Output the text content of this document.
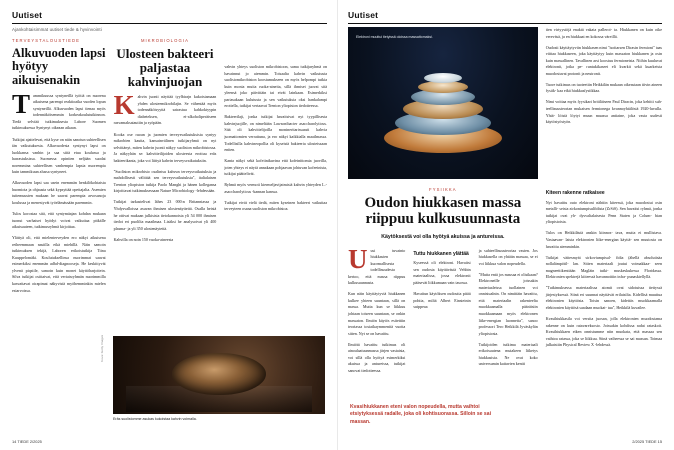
Uutiset
Ajankohtaisimmat uutiset tiede & hyvinvointi
TERVEYSTALOUSTIEDE
Alkuvuoden lapsi hyötyy aikuisenakin

Tammikuussa syntyneillä työtiä on nuorena aikuisena parempi reaktioaika vuoden lopun syntyneillä. Alkuvuoden lapsi tienaa myös todennäköisemmin korkeakoulututkinnon. Tiedä selviää tutkimuksesta Labore Suomen tutkimuksessa Syntynyt oikeaan aikaan.

Tutkijat ajattelevat, että kyse on näin sanotun suhteellisen iän vaikutuksesta. Alkuvuodesta syntynyt lapsi on luokkansa vanhin ja saa siitä etua koulussa ja harrastuksissa. Suomessa opintien neljään suodat noremmina suhteellisen vanhempia lapsia nuorempia kuin tammikuun alussa syntyneet.

Alkuvuoden lapsi saa usein enemmän henkilökohtaista huomiota ja ohjausta sekä kypsyttää opettajalta. Asemien tuttemuusten mukaan he saavat parempia arvosanoja koulussa ja menestyvät työelämässään paremmin.

Tulos korostaa sitä, että syntymäajan kohdan mukaan tuonut varhaiset hyödyt voivat vaikuttaa pitkälle aikuisuuteen, tutkimusryhmä kirjoittaa.

Ylättyä oli, että mielenterveyden ero näkyi aikuisena reiheemmaan nasiilla eikä miehillä. Näin samoin tutkimuksen tekijä, Laboren erikoistutkija Tiina Kuuppelomäki. Koulutuksellinsa nuorimmat saavat esimerkiksi enemmän adhd-diagnooseja. He keskittyvät ylvenä piqstile, samoin kuin monet käyttöharjoitein. Silva tutkijat osittaivat, että vertaisryhmän nuorimmilla kasvattavat oirapimat näkyvistä myöhemminkin mielen esiarvoissa.

MIKROBIOLOGIA
Ulosteen bakteeri paljastaa kahvinjuojan

Kahvin juonti näyttää tyylbirajn kukoistamaan yhden ulosteemikrobilajin. Se vähentää myös todennäköisyyttä sairastua kahkoktyypin diabeteksen, ei-alkoholiperäiseen rasvamaksatautiin ja syöpään.

Kooka ose ruoan ja juomien terveysvaikutuksista syntyy mikrobien kautta, kansainvälinen tutkijaryhmä on nyt selvittänyt, miten kahvin juonti näkyy suoliston mikrobistossa. Ja näkyyhän se: kahvitteilijoiden ulosteesta erottuu erās bakteerikanta, joka voi liittyä kahvin terveysvaikutuksiin.

"Suoliston mikrobisto osalintsu kahvun terveysvaikutuksia ja mahdollisesti välittää sen terveysvaikutuksia", italialaisen Trenton yliopiston tutkija Paolo Manghi ja hänen kollegansa kirjoittavat tutkimuksessaan Nature Microbiology -lehdessään.

Tutkijat tarkastelivat lähes 23 000:n Britanniassa ja Yhdysvalloissa asuvan ihmisen ulostenäytteitä. Osalla heistä he ottivat mukaan julkisista tietokannoista yli 54 000 ihmisen tiedot eri puolilta maailmaa. Lisäksi he analysoivat yli 400 plasma- ja yli 350 ulostenäytettä.

Kahvilla on noin 150 vuoka-aineesta

vahvin yhteys suoliston mikrobistoon, sama tutkijaryhmä on havainnut jo aiemmin. Toisaalta kahvin vaikutusta suolistomikrobiston koostumukseen on myös helpompi tutkia kuin monia muita ruoka-aineita, sillä ihmiset juovat sitä yleensä joko päivittäin tai eivät lainkaan. Esimerkiksi pariasakaan kulutusta ja sen vaikutuksia oksi hankalampi erottella, tutkijat vertaavat Trenton yliopiston tiedotteessa.

Bakteerilaji, jonka tutkijat havaitsivat nyt tyypillisesta kahvinjuojille, on nimeltään Lawsonibacter asaccharolyticus. Sitä oli kahvittelijoilla monineritarissaasti kahvia juomattomien verrattuna, ja ero näkyi kaikkialla maailmassa. Todellisilla kahvineopollia oli kyseistä bakteeria ulosteissaan eniten.

Kanta näkyi sekä kofeiinikuvina että kofeinittomia juovilla, joten yhteys ei näytä annakaan pohjaavan johtuvan kofeeinista, tutkijat päättelivät.

Ryhmä myös vermoti kiermeljavijatmisiä kahvin yhteyden L.-asaccharolyticus -kannan kanssa.

Tutkijat eivät vielä tiedä, miten kyseinen bakteeri vaikuttaa terveyteen osana suoliston mikrobistoa.

Kuva: Getty Images
Eräs suolistomme asukas kukoistaa kahvin voimalla.
14 TIEDE 2/2025
Uutiset
Elektroni muuttui tietyissä oloissa massattomaksi.

tien virtyystöjä enaktä vakata palleroi- ta. Hiukkanen on kuin oike vereväsä, ja en hiukkaat en kokossa väreillä.

Oudosti käyttäytyviin hiukkasen nimi "isoitarsen Dirasin fermioni" taas viittaa hiukkaseen, joka käyttäytyy kuin massaton hiukkanen ja osin kuin massallinen. Tavallinen arsi koostuu fermioneista. Niihin kuuluvat elektronit, jotka pe- runtukikaseet eli kvarkit sekä kuarkeista muodostuvat protonit ja neutronit.

Tuore tutkimus on tuoteetiin Heikkilän mukaan oikeastaan tiivin aineen fysiik- kaa eikä hiukkasfysiikkaa.

Nimi voittaa myös fyysikari britiläiseen Paul Diracin, joka kehitti suh- teellisuusteorian mukaisen fermionega kvannoyhtälöstä 1920-luvulla. Yhtä- löistä löytyi muun muassa antiaine, joka vasta uudesti käytöstyöstyön.

FYSIIKKA
Oudon hiukkasen massa riippuu kulkusuunnasta
Käytöksestä voi olla hyötyä akuissa ja antureissa.

Uusi tuvainto hiukkasten kuormallisesta todellisuudesta kertoo, että massa riippuu kulkusuunnasta.

Kun näin käyttäytyviä hiukkanen kulkee yhteen suuntaan, sillä on massa. Mutta kun se liikkuu johtaan toiseen suuntaan, se onkin massaton. Ilmiön käytös esitettiin teoriassa tosiaikaymmenitä vuotta sitten. Nyt se on havaittu.

Ilmiötä havaittu tutkimus oli ainoalaatuunmassa järjen vastaista, voi sillä olla hyötyä esimerkiksi akuissa ja antureissa, tutkijat sanovat tiedotteessa.

Tuttu hiukkanen ylättää

Kyseessä oli elektroni. Havaitsi sen oudosta käyttävästä Vehbin materiaalissa, jossa elektronit pääsevät liikkumaan vain tasossa.

Havaitun käytöksen oudoutta pitää pohtia, miltä Albert Einsteinin suippeaa

ja suhteellisuusteoriaa vasten. Jos hiukkasella on yhtään massaa, se ei voi liikkua valon nopeudella.

"Mutta entä jos massaa ei olisikaan? Elektroneille joissakin materiaaleissa tuollainen voi onnistualnin. On nimittäin havaittu, että materiaalin rakenteelta muokkaamalla pääräisiin muokkaamaan myös elektronen liike-energian luonnetta", sanoo professori Tero Heikkilä Jyväskylän yliopistosta.

Tutkijoiden tutkima materiaali erikoisuutena mutakeen liiketys hiukkasista. Ne ovat koko universumin kattavien kentti

Kiteen rakenne ratkaisee

Nyt havaittu outo elektroni nähtiin kiteessä, joka muodostui osin metalli- seista zirkoniumpisulfidista (ZrSiS). Sen havaitsi ryhmä, jonka tutkijat ovat yh- dysvaltalaisesta Penn Staten ja Colum- bian yliopistoista.

Tulos on Heikkilästä anskin kiinnos- tava, mutta ei mullistava. Vastaavan- laista elektronien liike-energian käyttä- sen muutosta on havaittu aiemminkin.

Tutkijat väitesmyät sirkoviumpisul- fidia (ähellä absolutisäa nollalämpötil- lan. Sitten materiaali joutui voimakkaa- seen magneettikenttään Magläin tutki- muskeskukessa Floridassa. Elektronien spektrejä kiiteessä havannoitiin infra- punaskiellyllä.

"Tutkimuksessa materiaalissa atomit ovat sidotuissa tiettyssä järjestyksessä. Siinä eri suunnat näyttävät erilaisilta. Kidellisä muuttua elektronien käyttösta. Toisin sanoen, kidettäs muokkaamalla elektronien käyttösä saadaan muokat- tua", Heikkilä kuvailee.

Kvasihiukkasila voi versita juosan, jolla elektronien muodostama rakenne on kuin ratavareksosto. Joissakin kohdissa radat rataskoit. Kvasihiukkaen eiken onnistumme niin muokata, että massaa sen vaihtoa ratassa, joka se liikkuu. Siinä vaiheessa se sai massan. Toimaa julkaistiin Physical Review X -lehdessä.

Kvasihiukkanen eteni valon nopeudella, mutta vaihtoi etsiytyksessä radalle, joka oli kohtisuorassa. Silloin se sai massan.
2/2025 TIEDE 15
